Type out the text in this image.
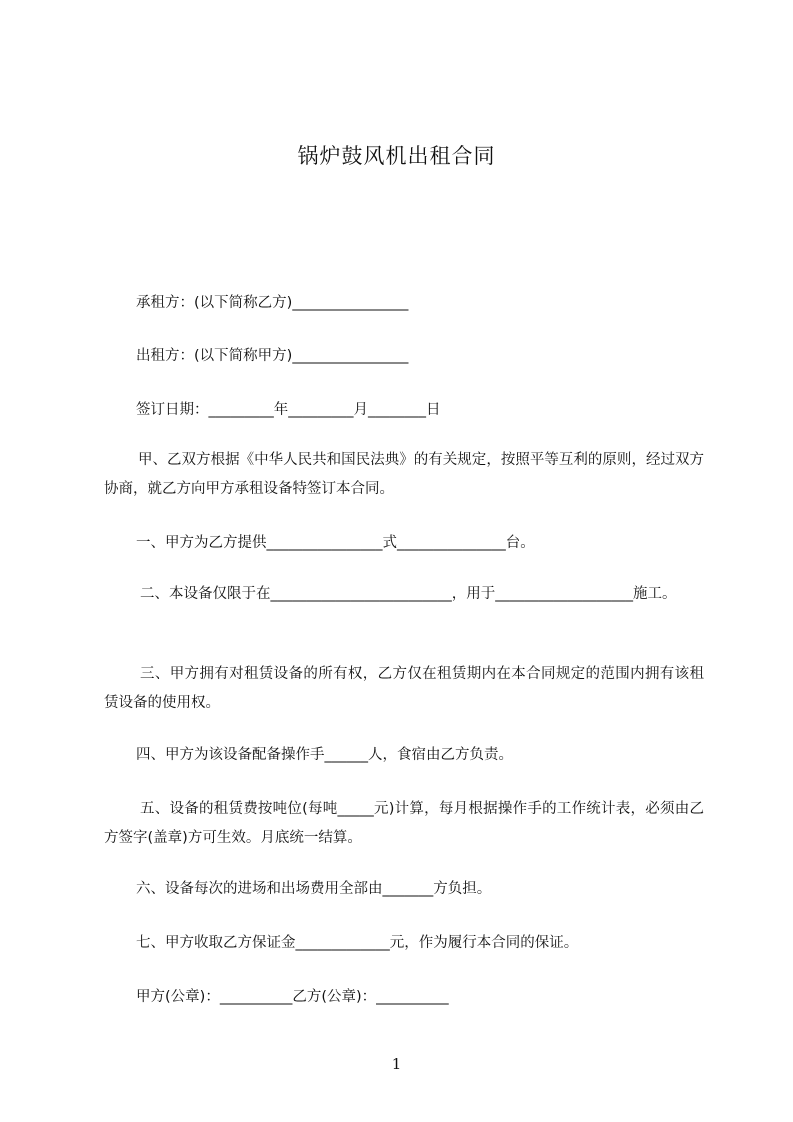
锅炉鼓风机出租合同
承租方：(以下简称乙方)________________
出租方：(以下简称甲方)________________
签订日期：_________年_________月________日
甲、乙双方根据《中华人民共和国民法典》的有关规定，按照平等互利的原则，经过双方协商，就乙方向甲方承租设备特签订本合同。
一、甲方为乙方提供________________式_______________台。
二、本设备仅限于在_________________________，用于___________________施工。
三、甲方拥有对租赁设备的所有权，乙方仅在租赁期内在本合同规定的范围内拥有该租赁设备的使用权。
四、甲方为该设备配备操作手______人，食宿由乙方负责。
五、设备的租赁费按吨位(每吨_____元)计算，每月根据操作手的工作统计表，必须由乙方签字(盖章)方可生效。月底统一结算。
六、设备每次的进场和出场费用全部由_______方负担。
七、甲方收取乙方保证金_____________元，作为履行本合同的保证。
甲方(公章)：__________乙方(公章)：__________
1
